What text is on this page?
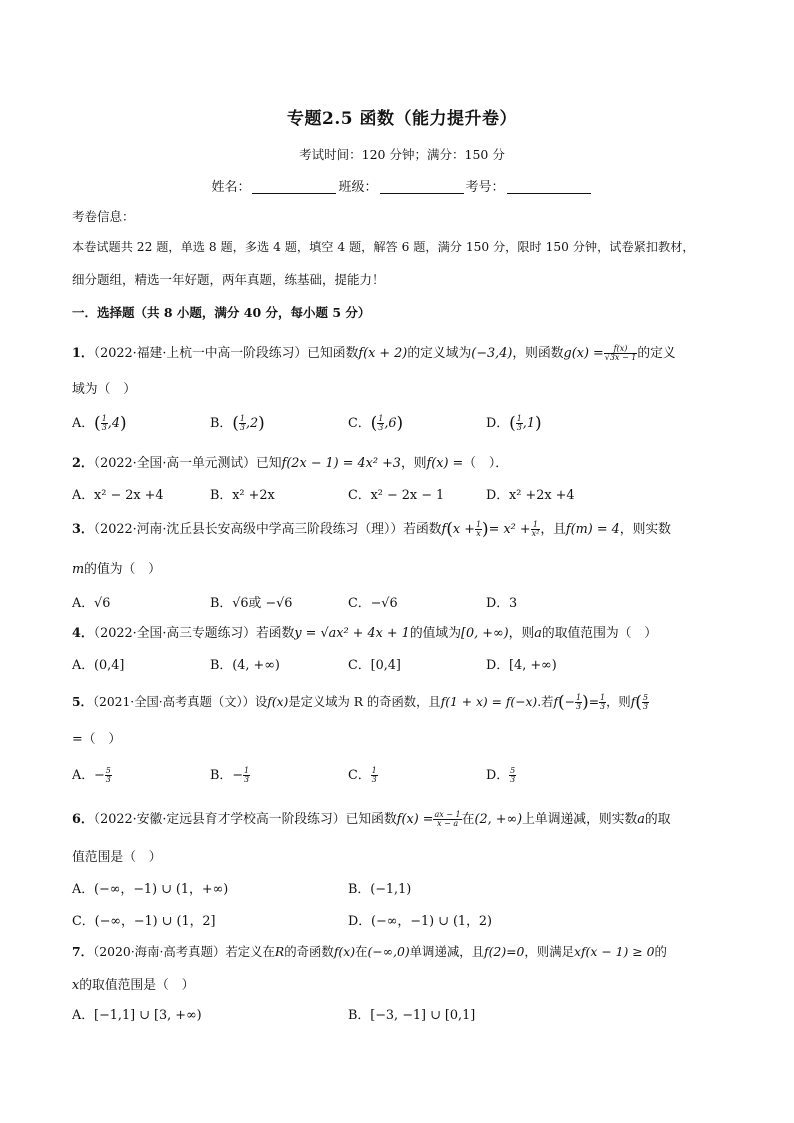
专题2.5 函数（能力提升卷）
考试时间：120 分钟；满分：150 分
姓名：	班级：	考号：
考卷信息：
本卷试题共 22 题，单选 8 题，多选 4 题，填空 4 题，解答 6 题，满分 150 分，限时 150 分钟，试卷紧扣教材，
细分题组，精选一年好题，两年真题，练基础，提能力！
一．选择题（共 8 小题，满分 40 分，每小题 5 分）
1．（2022·福建·上杭一中高一阶段练习）已知函数f(x + 2)的定义域为(−3,4)，则函数$g(x) = \frac{f(x)}{√3x - 1}$ 的定义
域为（　）
A．( $\frac{1}{3} ,4$)	B．( $\frac{1}{3} ,2$)	C．( $\frac{1}{3} ,6$)	D．( $\frac{1}{3} ,1$)
2．（2022·全国·高一单元测试）已知f(2x − 1) = 4x² +3，则f(x) =（　）．
A．x² − 2x +4	B．x² +2x	C．x² − 2x − 1	D．x² +2x +4
3．（2022·河南·沈丘县长安高级中学高三阶段练习（理））若函数$f(x + \frac{1}{x}$ )= $x^2 + \frac{1}{\text{x²}}$ ，且f(m) = 4，则实数
m的值为（　）
A．√6	B．√6或 −√6	C．−√6	D．3
4．（2022·全国·高三专题练习）若函数y = √ax² + 4x + 1的值域为[0, +∞)，则a的取值范围为（　）
A．(0,4]	B．(4, +∞)	C．[0,4]	D．[4, +∞)
5．（2021·全国·高考真题（文））设f(x)是定义域为 R 的奇函数，且f(1 + x) = f(−x).若$f(- \frac{1}{3}$ )= $\frac{1}{3}$ ，则$f( \frac{5}{3}$
=（　）
A．− $\frac{5}{3}$	B．− $\frac{1}{3}$	C． $\frac{1}{3}$	D． $\frac{5}{3}$
6．（2022·安徽·定远县育才学校高一阶段练习）已知函数$f(x) = \frac{ax - 1}{x - a}$ 在(2, +∞)上单调递减，则实数a的取
值范围是（　）
A．(−∞，−1) ∪ (1，+∞)	B．(−1,1)
C．(−∞，−1) ∪ (1，2]	D．(−∞，−1) ∪ (1，2)
7．（2020·海南·高考真题）若定义在R的奇函数f(x)在(−∞,0)单调递减，且f(2)=0，则满足xf(x − 1) ≥ 0的
x的取值范围是（　）
A．[−1,1] ∪ [3, +∞)	B．[−3, −1] ∪ [0,1]
